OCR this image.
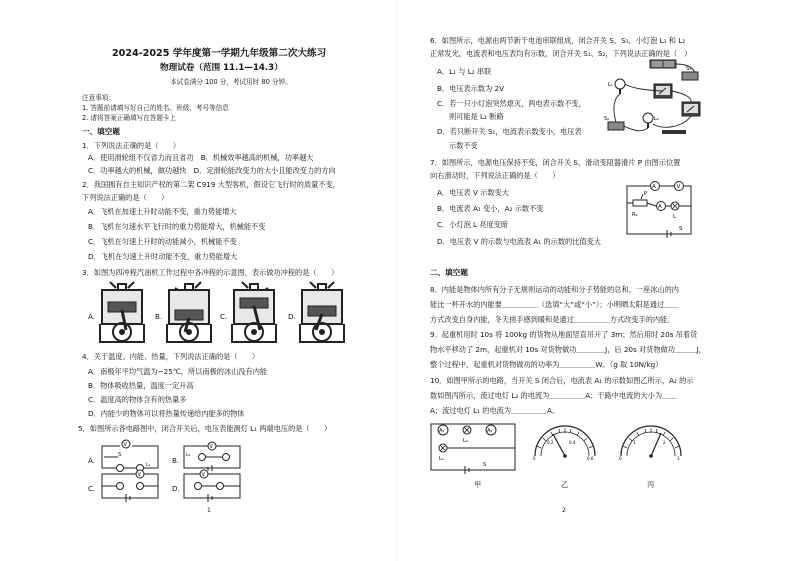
2024-2025 学年度第一学期九年级第二次大练习
物理试卷（范围 11.1—14.3）
本试卷满分 100 分，考试用时 80 分钟。
注意事项：
1. 答题前请填写好自己的姓名、班级、考号等信息
2. 请将答案正确填写在答题卡上
一、填空题
1．下列说法正确的是（　　）
A．使用滑轮组不仅省力而且省功　B．机械效率越高的机械，功率越大
C．功率越大的机械，做功越快　D．定滑轮能改变力的大小且能改变力的方向
2．我国拥有自主知识产权的第二架 C919 大型客机，假设它飞行时的质量不变，
下列说法正确的是（　　）
A．飞机在加速上升时动能不变，重力势能增大
B．飞机在匀速水平飞行时的重力势能增大，机械能不变
C．飞机在匀速上升时的动能减小，机械能不变
D．飞机在匀速上升时动能不变，重力势能增大
3．如图为四冲程汽油机工作过程中各冲程的示意图，表示做功冲程的是（　　）
A.	B.	C.	D.
4．关于温度、内能、热量，下列说法正确的是（　　）
A．南极年平均气温为−25℃，所以南极的冰山没有内能
B．物体吸收热量，温度一定升高
C．温度高的物体含有的热量多
D．内能少的物体可以将热量传递给内能多的物体
5．如图所示各电路图中，闭合开关后，电压表能测灯 L₁ 两端电压的是（　　）
A.	B.
C.	D.
V
S
L₁
V
L₁
V	V
1
6．如图所示，电源由两节新干电池串联组成，闭合开关 S、S₁，小灯泡 L₁ 和 L₂
正常发光，电流表和电压表均有示数，闭合开关 S₁、S₂，下列说法正确的是（　）
A．L₁ 与 L₂ 串联
B．电压表示数为 2V
C．若一只小灯泡突然熄灭，两电表示数不变，
则可能是 L₁ 断路
D．若只断开关 S₁，电流表示数变小，电压表
示数不变
S₁
L₁
L₂
S₂
7．如图所示，电源电压保持不变，闭合开关 S，滑动变阻器滑片 P 由图示位置
向右滑动时，下列说法正确的是（　　）
A．电压表 V 示数变大
B．电流表 A₁ 变小，A₂ 示数不变
C．小灯泡 L 亮度变暗
D．电压表 V 的示数与电流表 A₁ 的示数的比值变大
A	V
R₂
P
A
L
S
二、填空题
8．内能是物体内所有分子无规则运动的动能和分子势能的总和。一座冰山的内
能比一杯开水的内能要＿＿＿＿＿（选填“大”或“小”）；小明晒太阳是通过＿＿
方式改变自身内能，冬天搓手感到暖和是通过＿＿＿＿＿方式改变手的内能。
9．起重机用时 10s 将 100kg 的货物从地面竖直吊升了 3m；然后用时 20s 吊着货
物水平移动了 2m，起重机对 10s 对货物做功＿＿＿＿J，后 20s 对货物做功＿＿＿J，
整个过程中，起重机对货物做功的功率为＿＿＿＿＿W。（g 取 10N/kg）
10．如图甲所示的电路，当开关 S 闭合后，电流表 A₁ 的示数如图乙所示，A₂ 的示
数如图丙所示，流过电灯 L₂ 的电流为＿＿＿＿＿A；干路中电流的大小为＿＿
A；流过电灯 L₁ 的电流为＿＿＿＿＿A。
A₁
L₂
A₂
L₁
S
甲
0
0.2	0.4
0.6
乙
0
1	2
3
丙
2
